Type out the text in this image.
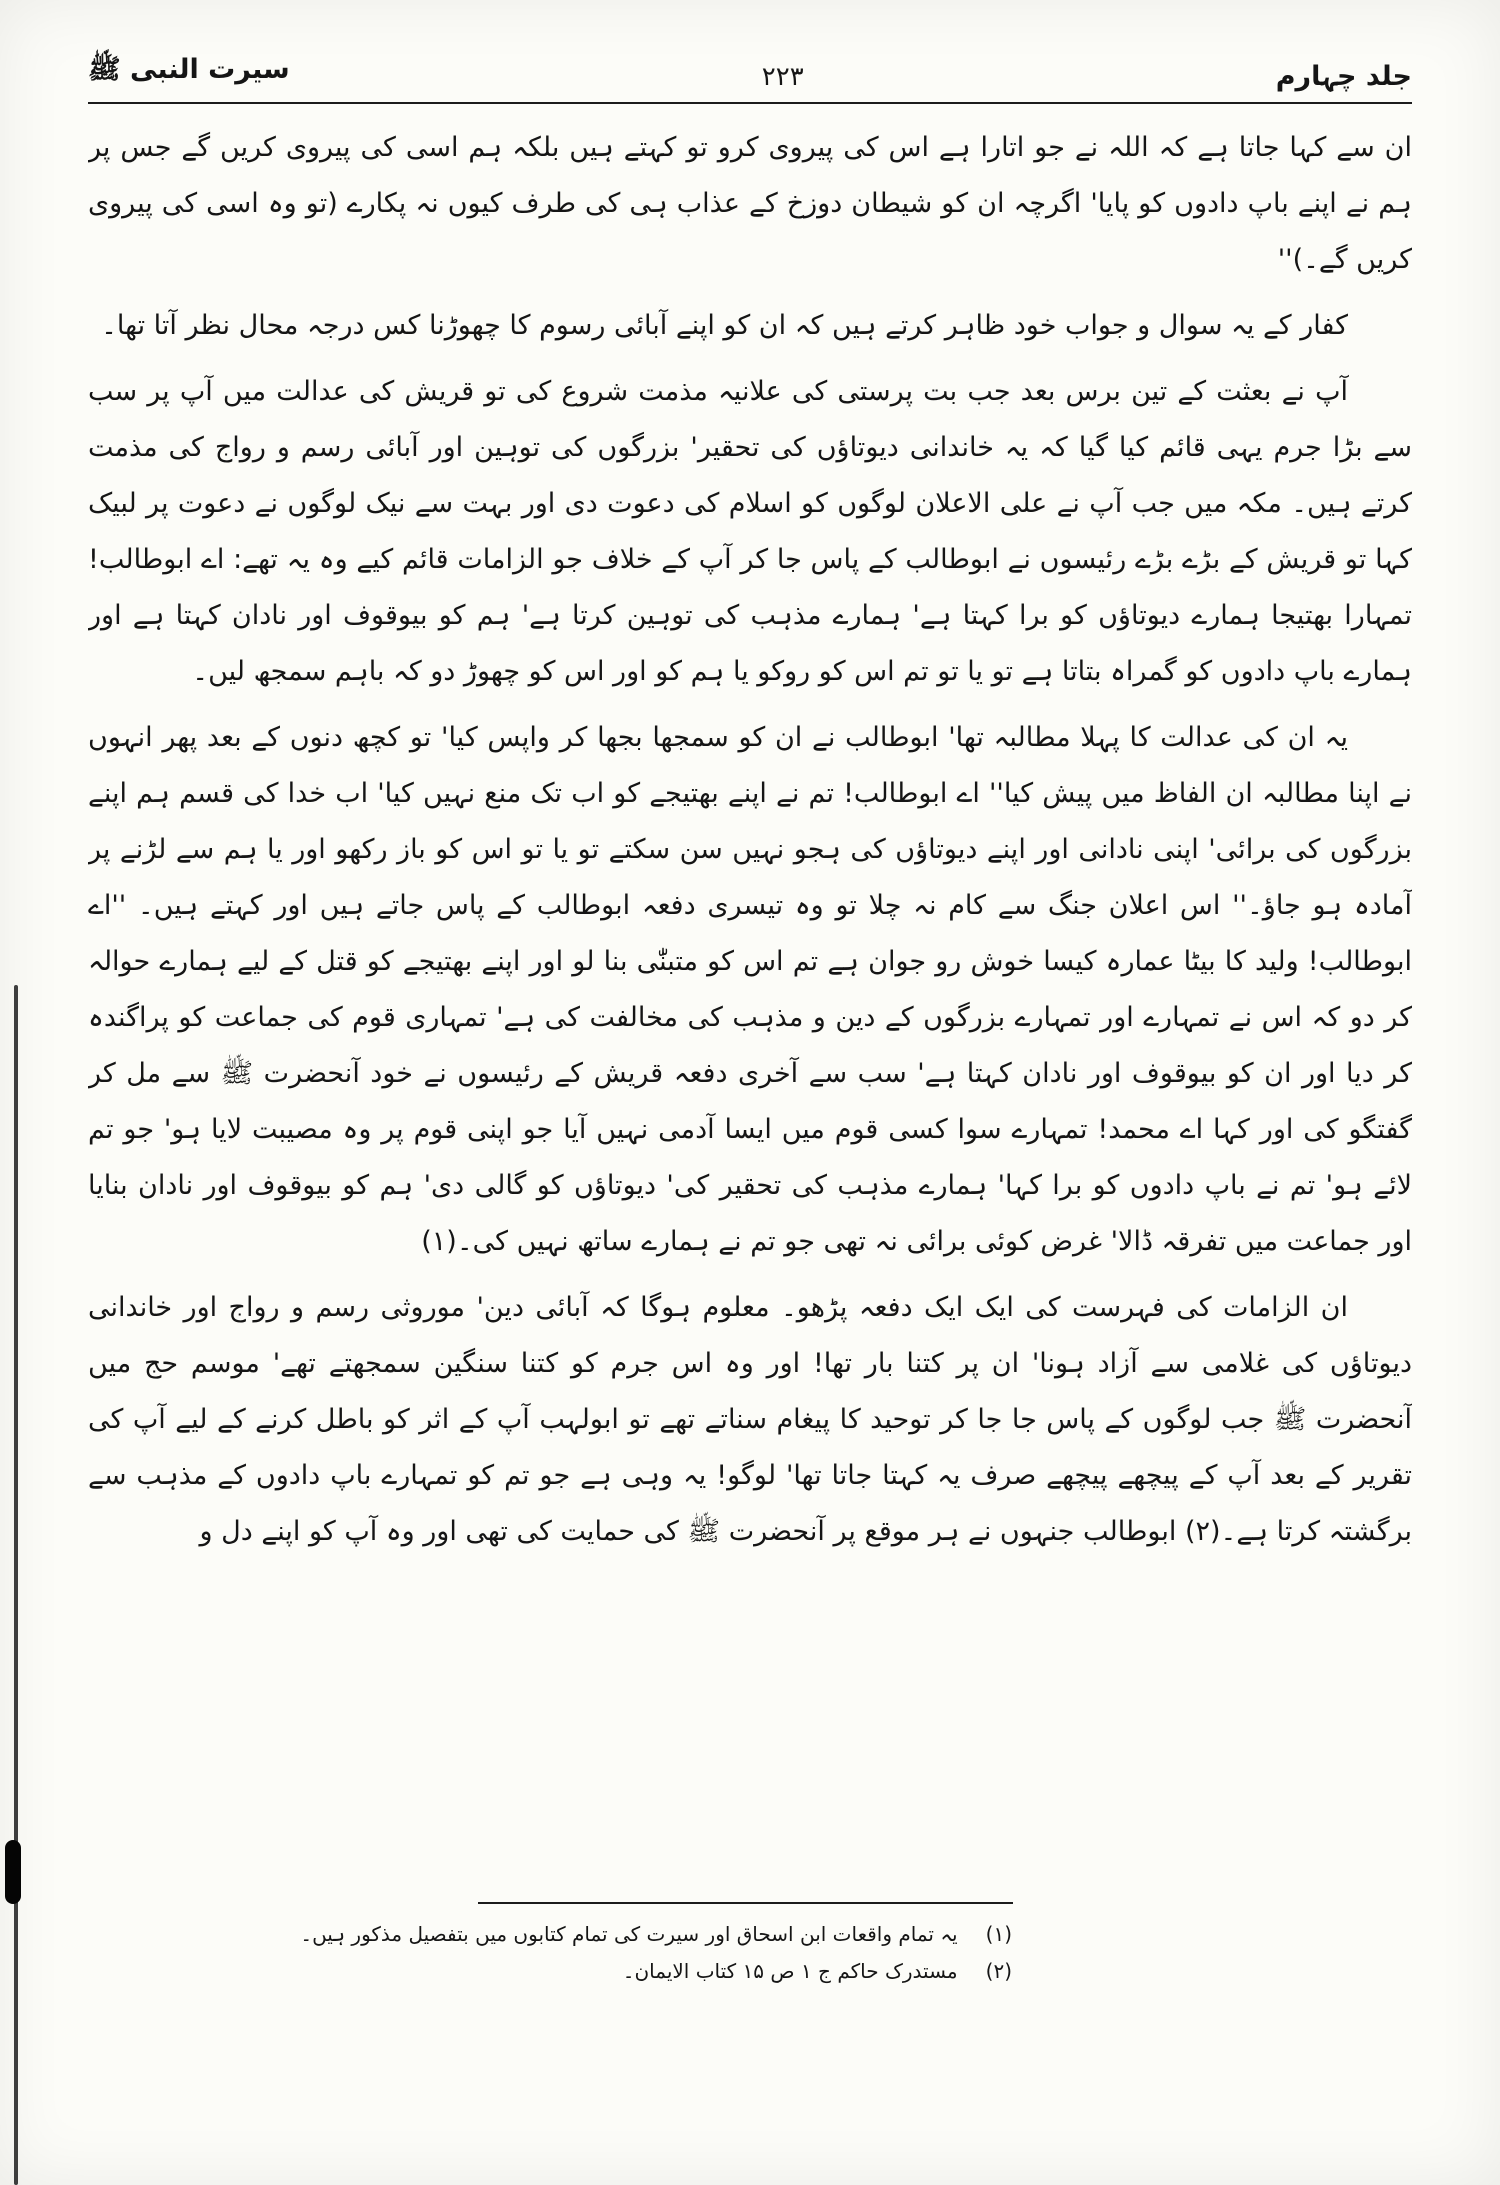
سیرت النبی ﷺ	۲۲۳	جلد چہارم

ان سے کہا جاتا ہے کہ اللہ نے جو اتارا ہے اس کی پیروی کرو تو کہتے ہیں بلکہ ہم اسی کی پیروی کریں گے جس پر ہم نے اپنے باپ دادوں کو پایا' اگرچہ ان کو شیطان دوزخ کے عذاب ہی کی طرف کیوں نہ پکارے (تو وہ اسی کی پیروی کریں گے۔)''

کفار کے یہ سوال و جواب خود ظاہر کرتے ہیں کہ ان کو اپنے آبائی رسوم کا چھوڑنا کس درجہ محال نظر آتا تھا۔

آپ نے بعثت کے تین برس بعد جب بت پرستی کی علانیہ مذمت شروع کی تو قریش کی عدالت میں آپ پر سب سے بڑا جرم یہی قائم کیا گیا کہ یہ خاندانی دیوتاؤں کی تحقیر' بزرگوں کی توہین اور آبائی رسم و رواج کی مذمت کرتے ہیں۔ مکہ میں جب آپ نے علی الاعلان لوگوں کو اسلام کی دعوت دی اور بہت سے نیک لوگوں نے دعوت پر لبیک کہا تو قریش کے بڑے بڑے رئیسوں نے ابوطالب کے پاس جا کر آپ کے خلاف جو الزامات قائم کیے وہ یہ تھے: اے ابوطالب! تمہارا بھتیجا ہمارے دیوتاؤں کو برا کہتا ہے' ہمارے مذہب کی توہین کرتا ہے' ہم کو بیوقوف اور نادان کہتا ہے اور ہمارے باپ دادوں کو گمراہ بتاتا ہے تو یا تو تم اس کو روکو یا ہم کو اور اس کو چھوڑ دو کہ باہم سمجھ لیں۔

یہ ان کی عدالت کا پہلا مطالبہ تھا' ابوطالب نے ان کو سمجھا بجھا کر واپس کیا' تو کچھ دنوں کے بعد پھر انہوں نے اپنا مطالبہ ان الفاظ میں پیش کیا'' اے ابوطالب! تم نے اپنے بھتیجے کو اب تک منع نہیں کیا' اب خدا کی قسم ہم اپنے بزرگوں کی برائی' اپنی نادانی اور اپنے دیوتاؤں کی ہجو نہیں سن سکتے تو یا تو اس کو باز رکھو اور یا ہم سے لڑنے پر آمادہ ہو جاؤ۔'' اس اعلان جنگ سے کام نہ چلا تو وہ تیسری دفعہ ابوطالب کے پاس جاتے ہیں اور کہتے ہیں۔ ''اے ابوطالب! ولید کا بیٹا عمارہ کیسا خوش رو جوان ہے تم اس کو متبنّٰی بنا لو اور اپنے بھتیجے کو قتل کے لیے ہمارے حوالہ کر دو کہ اس نے تمہارے اور تمہارے بزرگوں کے دین و مذہب کی مخالفت کی ہے' تمہاری قوم کی جماعت کو پراگندہ کر دیا اور ان کو بیوقوف اور نادان کہتا ہے' سب سے آخری دفعہ قریش کے رئیسوں نے خود آنحضرت ﷺ سے مل کر گفتگو کی اور کہا اے محمد! تمہارے سوا کسی قوم میں ایسا آدمی نہیں آیا جو اپنی قوم پر وہ مصیبت لایا ہو' جو تم لائے ہو' تم نے باپ دادوں کو برا کہا' ہمارے مذہب کی تحقیر کی' دیوتاؤں کو گالی دی' ہم کو بیوقوف اور نادان بنایا اور جماعت میں تفرقہ ڈالا' غرض کوئی برائی نہ تھی جو تم نے ہمارے ساتھ نہیں کی۔(۱)

ان الزامات کی فہرست کی ایک ایک دفعہ پڑھو۔ معلوم ہوگا کہ آبائی دین' موروثی رسم و رواج اور خاندانی دیوتاؤں کی غلامی سے آزاد ہونا' ان پر کتنا بار تھا! اور وہ اس جرم کو کتنا سنگین سمجھتے تھے' موسم حج میں آنحضرت ﷺ جب لوگوں کے پاس جا جا کر توحید کا پیغام سناتے تھے تو ابولہب آپ کے اثر کو باطل کرنے کے لیے آپ کی تقریر کے بعد آپ کے پیچھے پیچھے صرف یہ کہتا جاتا تھا' لوگو! یہ وہی ہے جو تم کو تمہارے باپ دادوں کے مذہب سے برگشتہ کرتا ہے۔(۲) ابوطالب جنہوں نے ہر موقع پر آنحضرت ﷺ کی حمایت کی تھی اور وہ آپ کو اپنے دل و

(۱)
یہ تمام واقعات ابن اسحاق اور سیرت کی تمام کتابوں میں بتفصیل مذکور ہیں۔
(۲)
مستدرک حاکم ج ۱ ص ۱۵ کتاب الایمان۔
